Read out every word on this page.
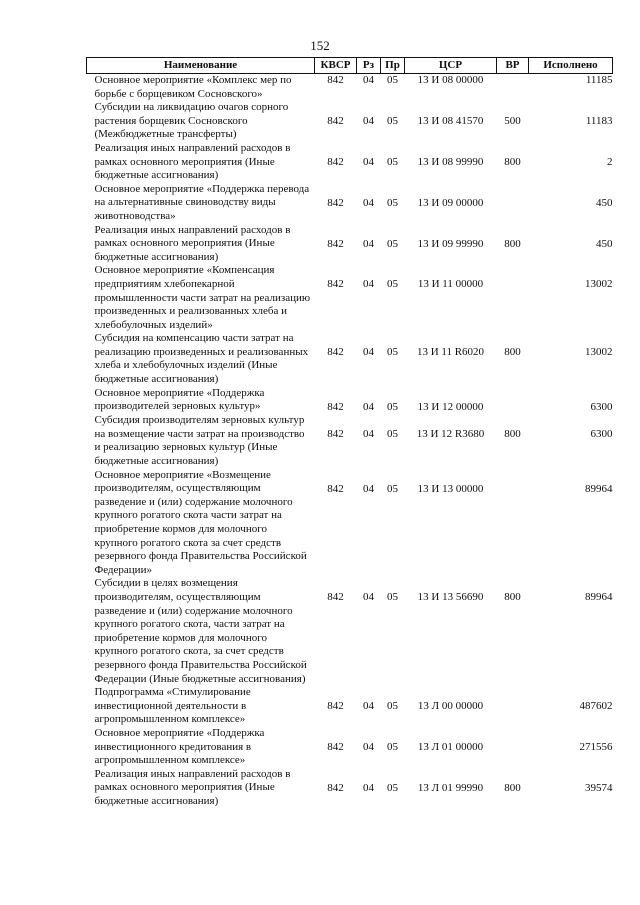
152
Наименование	КВСР	Рз	Пр	ЦСР	ВР	Исполнено
Основное мероприятие «Комплекс мер по борьбе с борщевиком Сосновского»	842	04	05	13 И 08 00000		11185
Субсидии на ликвидацию очагов сорного растения борщевик Сосновского (Межбюджетные трансферты)	842	04	05	13 И 08 41570	500	11183
Реализация иных направлений расходов в рамках основного мероприятия (Иные бюджетные ассигнования)	842	04	05	13 И 08 99990	800	2
Основное мероприятие «Поддержка перевода на альтернативные свиноводству виды животноводства»	842	04	05	13 И 09 00000		450
Реализация иных направлений расходов в рамках основного мероприятия (Иные бюджетные ассигнования)	842	04	05	13 И 09 99990	800	450
Основное мероприятие «Компенсация предприятиям хлебопекарной промышленности части затрат на реализацию произведенных и реализованных хлеба и хлебобулочных изделий»	842	04	05	13 И 11 00000		13002
Субсидия на компенсацию части затрат на реализацию произведенных и реализованных хлеба и хлебобулочных изделий (Иные бюджетные ассигнования)	842	04	05	13 И 11 R6020	800	13002
Основное мероприятие «Поддержка производителей зерновых культур»	842	04	05	13 И 12 00000		6300
Субсидия производителям зерновых культур на возмещение части затрат на производство и реализацию зерновых культур (Иные бюджетные ассигнования)	842	04	05	13 И 12 R3680	800	6300
Основное мероприятие «Возмещение производителям, осуществляющим разведение и (или) содержание молочного крупного рогатого скота части затрат на приобретение кормов для молочного крупного рогатого скота за счет средств резервного фонда Правительства Российской Федерации»	842	04	05	13 И 13 00000		89964
Субсидии в целях возмещения производителям, осуществляющим разведение и (или) содержание молочного крупного рогатого скота, части затрат на приобретение кормов для молочного крупного рогатого скота, за счет средств резервного фонда Правительства Российской Федерации (Иные бюджетные ассигнования)	842	04	05	13 И 13 56690	800	89964
Подпрограмма «Стимулирование инвестиционной деятельности в агропромышленном комплексе»	842	04	05	13 Л 00 00000		487602
Основное мероприятие «Поддержка инвестиционного кредитования в агропромышленном комплексе»	842	04	05	13 Л 01 00000		271556
Реализация иных направлений расходов в рамках основного мероприятия (Иные бюджетные ассигнования)	842	04	05	13 Л 01 99990	800	39574
